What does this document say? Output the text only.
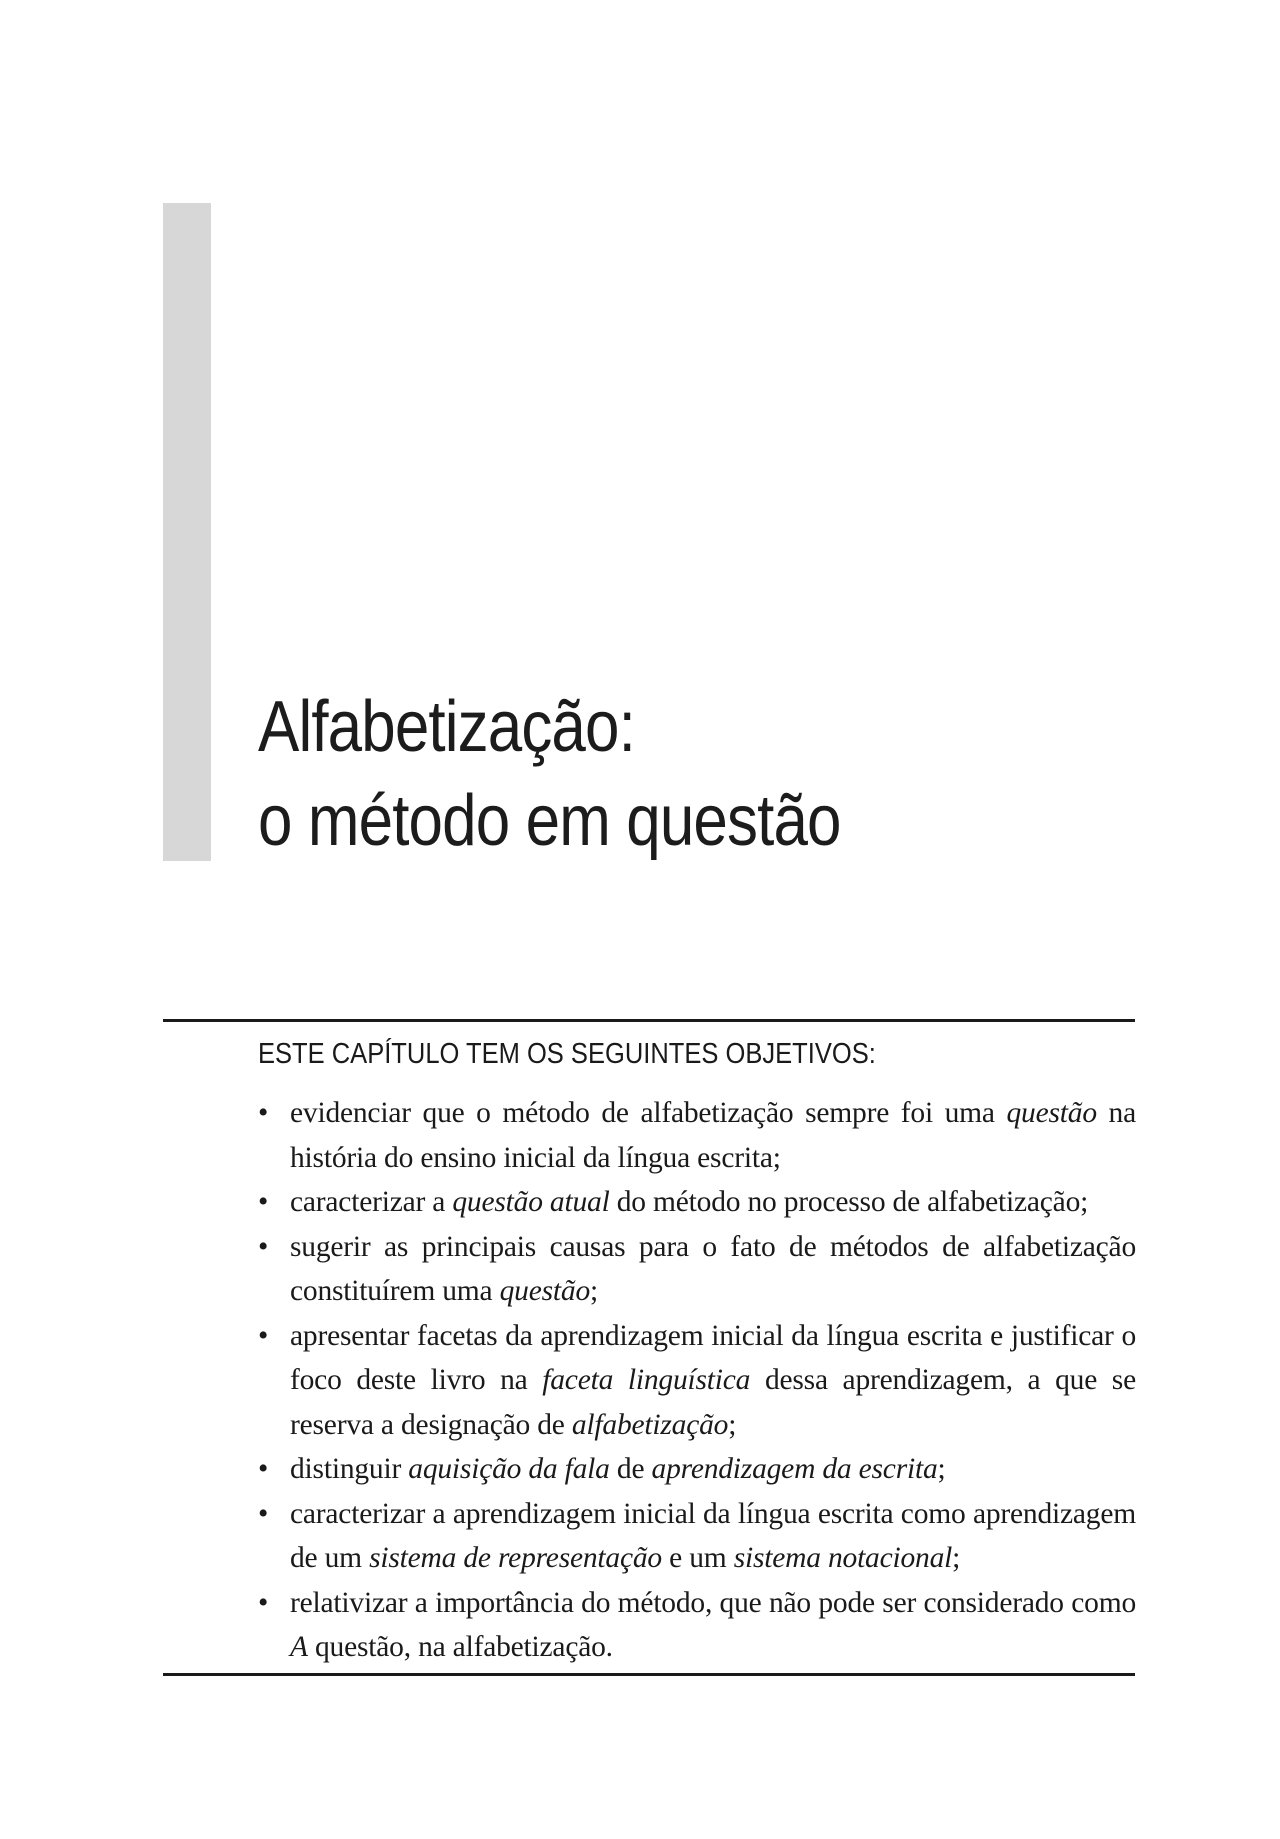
Alfabetização:
o método em questão
ESTE CAPÍTULO TEM OS SEGUINTES OBJETIVOS:
• evidenciar que o método de alfabetização sempre foi uma questão na história do ensino inicial da língua escrita;
• caracterizar a questão atual do método no processo de alfabetização;
• sugerir as principais causas para o fato de métodos de alfabetização constituírem uma questão;
• apresentar facetas da aprendizagem inicial da língua escrita e justificar o foco deste livro na faceta linguística dessa aprendizagem, a que se reserva a designação de alfabetização;
• distinguir aquisição da fala de aprendizagem da escrita;
• caracterizar a aprendizagem inicial da língua escrita como aprendizagem de um sistema de representação e um sistema notacional;
• relativizar a importância do método, que não pode ser considerado como A questão, na alfabetização.
